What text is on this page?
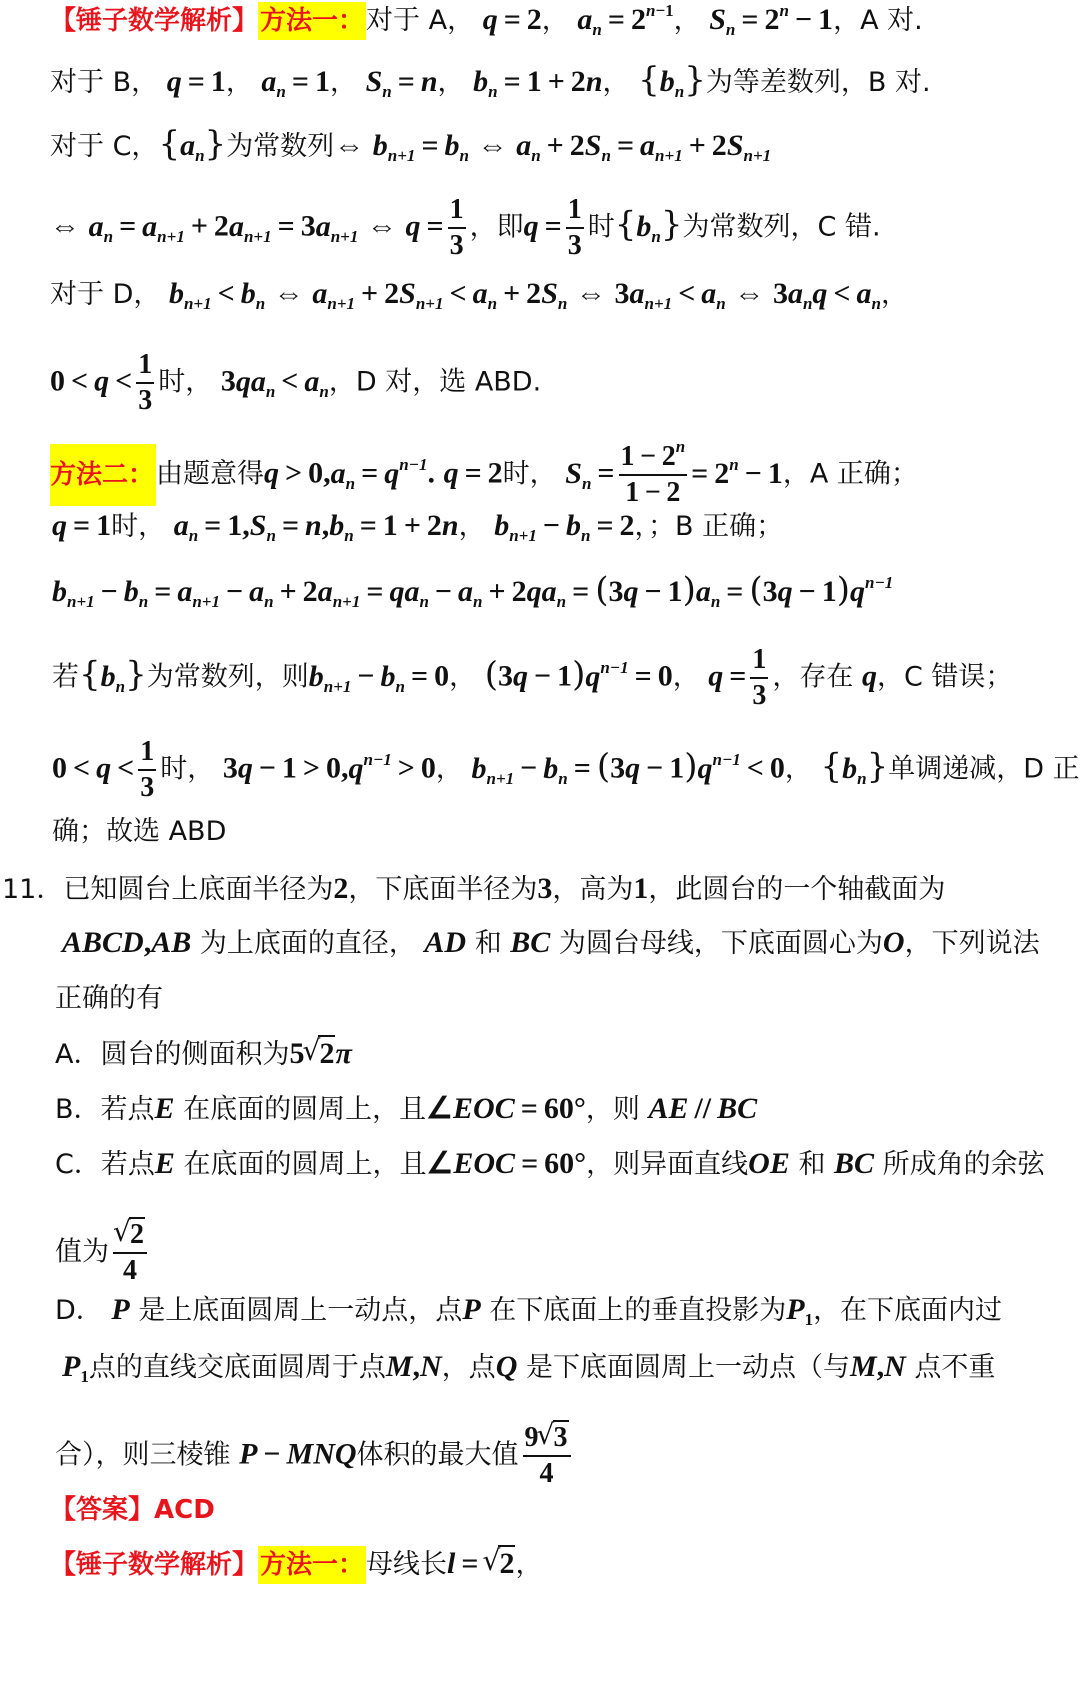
【锤子数学解析】方法一：对于 A， q = 2， $a_n = 2^{n-1}$， $S_n = 2^n - 1$，A 对.
对于 B， q = 1， $a_n = 1$， $S_n = n$， $b_n = 1 + 2n$， $\{b_n\}$为等差数列，B 对.
对于 C，$\{a_n\}$为常数列⇔ $b_{n+1} = b_n$ ⇔ $a_n + 2S_n = a_{n+1} + 2S_{n+1}$
⇔ $a_n = a_{n+1} + 2a_{n+1} = 3a_{n+1}$ ⇔ $q = \frac{1}{3}$ ，即$q = \frac{1}{3}$ 时$\{b_n\}$为常数列，C 错.
对于 D， $b_{n+1} < b_n$ ⇔ $a_{n+1} + 2S_{n+1} < a_n + 2S_n$ ⇔ $3a_{n+1} < a_n$ ⇔ $3a_nq < a_n$，
$0 < q < \frac{1}{3}$ 时， $3qa_n < a_n$，D 对，选 ABD.
方法二：由题意得$q > 0,a_n = q^{n-1}$. q = 2时， $S_n = \frac{1 - 2^n}{1 - 2} = 2^n - 1$，A 正确；
q = 1时， $a_n = 1,S_n = n,b_n = 1 + 2n$， $b_{n+1} - b_n = 2$，；B 正确；
$b_{n+1} - b_n = a_{n+1} - a_n + 2a_{n+1} = qa_n - a_n + 2qa_n = (3q - 1)a_n = (3q - 1)q^{n-1}$
若$\{b_n\}$为常数列，则$b_{n+1} - b_n = 0$， $(3q - 1)q^{n-1} = 0$， $q = \frac{1}{3}$ ，存在 q，C 错误；
$0 < q < \frac{1}{3}$ 时， $3q - 1 > 0,q^{n-1} > 0$， $b_{n+1} - b_n = (3q - 1)q^{n-1} < 0$， $\{b_n\}$单调递减，D 正
确；故选 ABD
11．已知圆台上底面半径为2，下底面半径为3，高为1，此圆台的一个轴截面为
ABCD,AB 为上底面的直径， AD 和 BC 为圆台母线，下底面圆心为O，下列说法
正确的有
A．圆台的侧面积为5 √ 2π
B．若点E 在底面的圆周上，且∠EOC = 60°，则 AE // BC
C．若点E 在底面的圆周上，且∠EOC = 60°，则异面直线OE 和 BC 所成角的余弦
值为 √ $\frac{2}{4}$
D． P 是上底面圆周上一动点，点P 在下底面上的垂直投影为$P_1$，在下底面内过
$P_1$点的直线交底面圆周于点M,N，点Q 是下底面圆周上一动点（与M,N 点不重
合），则三棱锥 P − MNQ体积的最大值 $\frac{9 √ 3}{4}$
【答案】ACD
【锤子数学解析】方法一：母线长l = √ 2，
